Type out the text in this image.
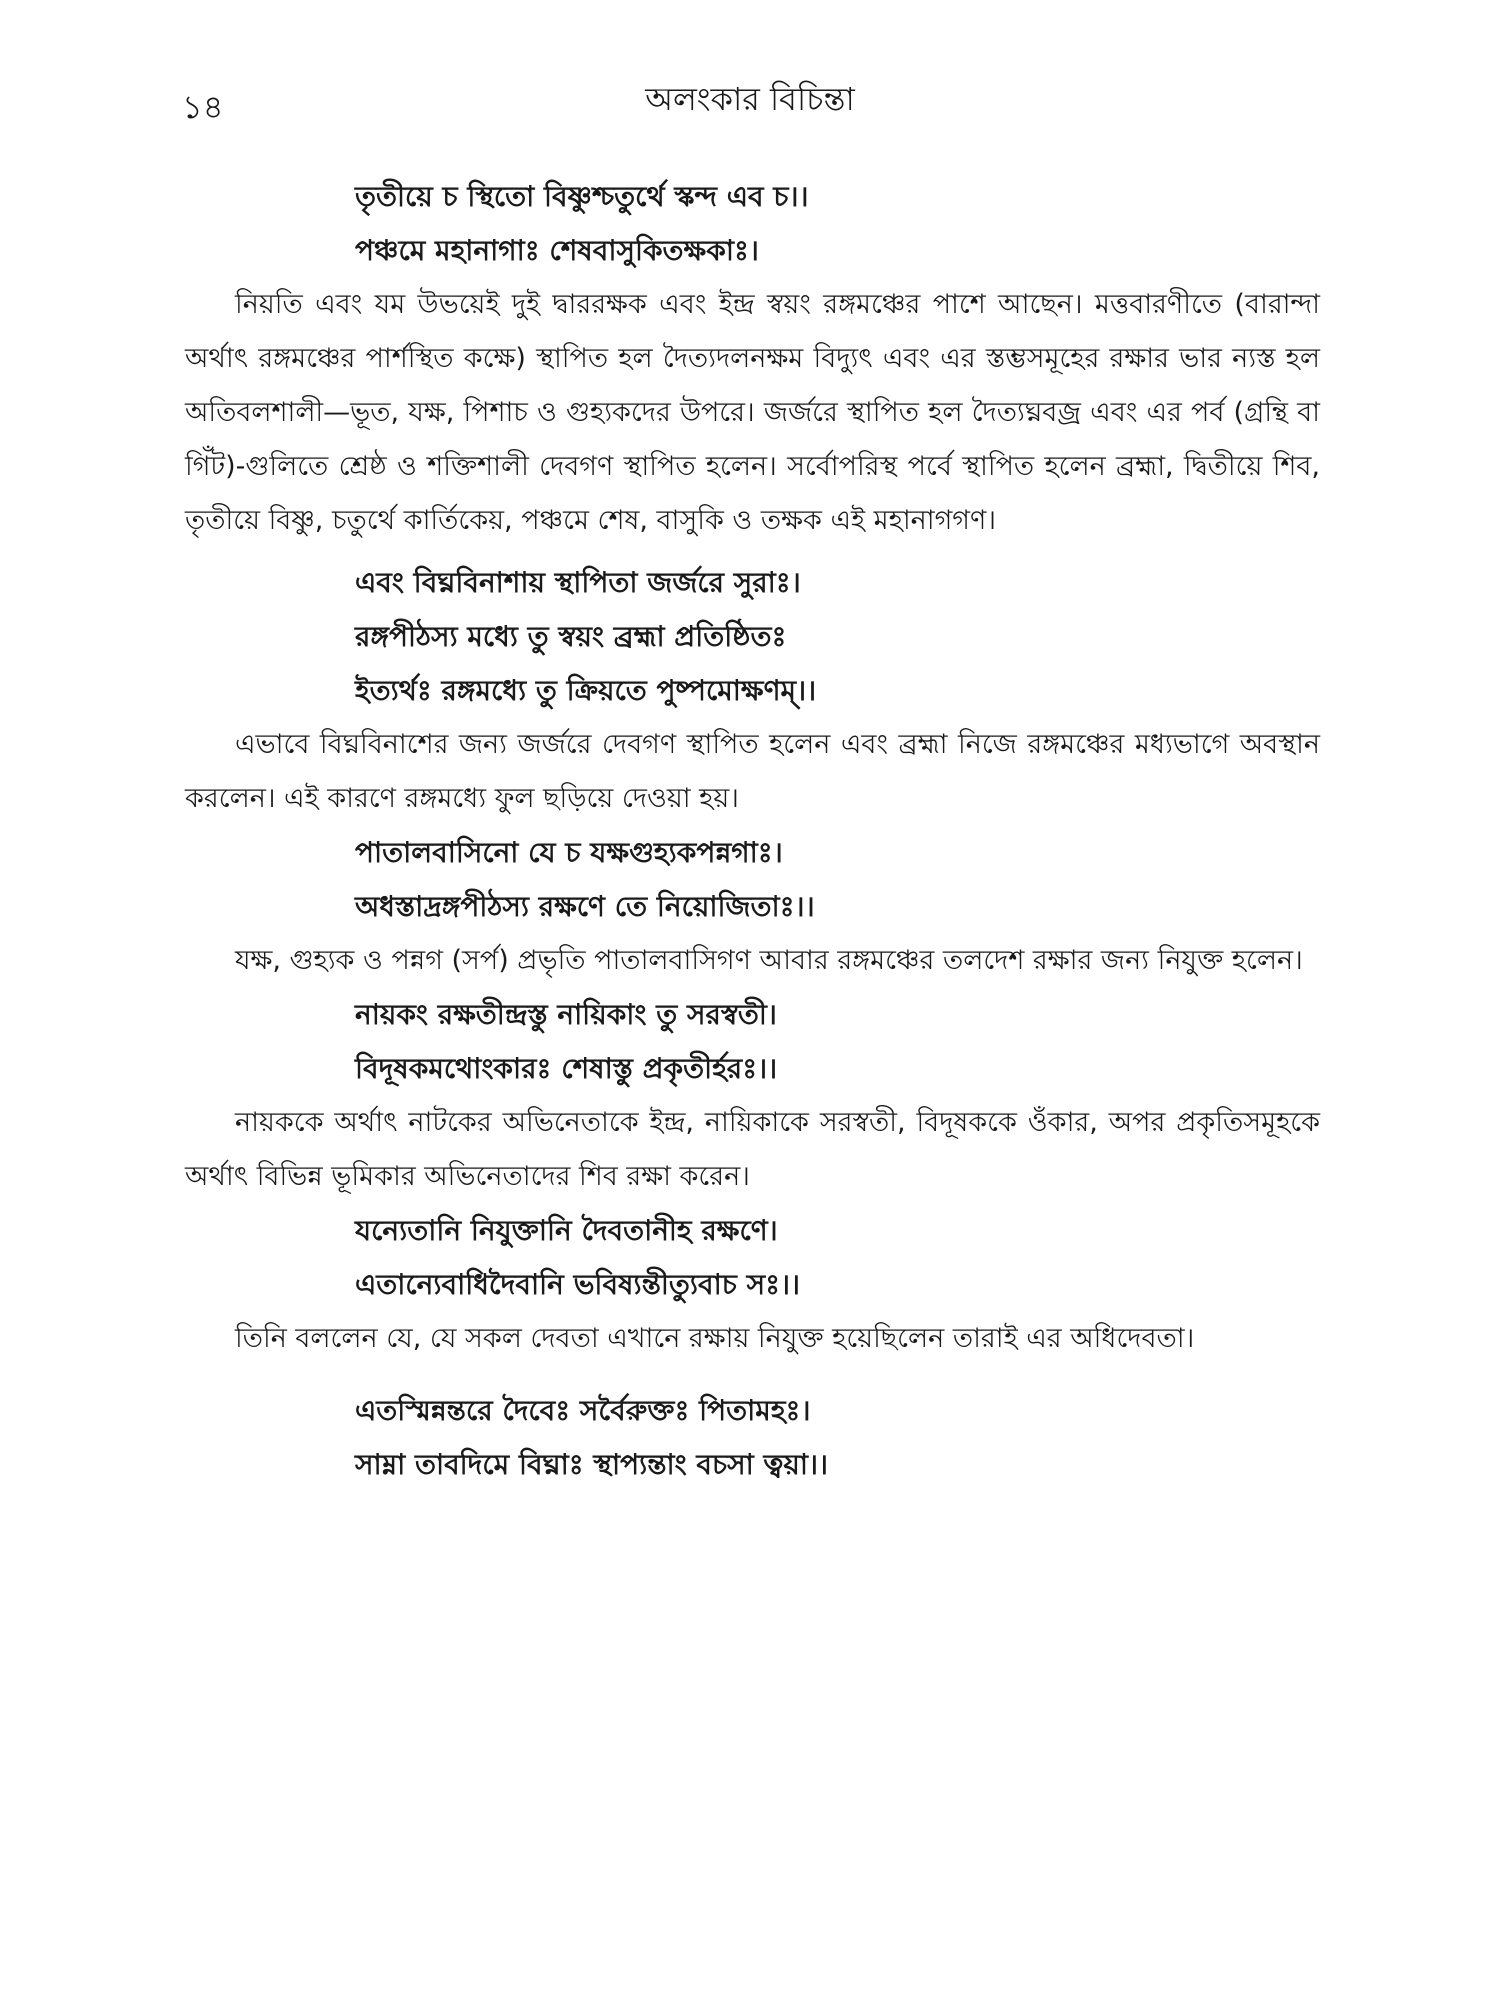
১৪	অলংকার বিচিন্তা
তৃতীয়ে চ স্থিতো বিষ্ণুশ্চতুর্থে স্কন্দ এব চ।।
পঞ্চমে মহানাগাঃ শেষবাসুকিতক্ষকাঃ।

নিয়তি এবং যম উভয়েই দুই দ্বাররক্ষক এবং ইন্দ্র স্বয়ং রঙ্গমঞ্চের পাশে আছেন। মত্তবারণীতে (বারান্দা অর্থাৎ রঙ্গমঞ্চের পার্শস্থিত কক্ষে) স্থাপিত হল দৈত্যদলনক্ষম বিদ্যুৎ এবং এর স্তম্ভসমূহের রক্ষার ভার ন্যস্ত হল অতিবলশালী—ভূত, যক্ষ, পিশাচ ও গুহ্যকদের উপরে। জর্জরে স্থাপিত হল দৈত্যঘ্নবজ্র এবং এর পর্ব (গ্রন্থি বা গিঁট)-গুলিতে শ্রেষ্ঠ ও শক্তিশালী দেবগণ স্থাপিত হলেন। সর্বোপরিস্থ পর্বে স্থাপিত হলেন ব্রহ্মা, দ্বিতীয়ে শিব, তৃতীয়ে বিষ্ণু, চতুর্থে কার্তিকেয়, পঞ্চমে শেষ, বাসুকি ও তক্ষক এই মহানাগগণ।

এবং বিঘ্নবিনাশায় স্থাপিতা জর্জরে সুরাঃ।
রঙ্গপীঠস্য মধ্যে তু স্বয়ং ব্রহ্মা প্রতিষ্ঠিতঃ
ইত্যর্থঃ রঙ্গমধ্যে তু ক্রিয়তে পুষ্পমোক্ষণম্।।

এভাবে বিঘ্নবিনাশের জন্য জর্জরে দেবগণ স্থাপিত হলেন এবং ব্রহ্মা নিজে রঙ্গমঞ্চের মধ্যভাগে অবস্থান করলেন। এই কারণে রঙ্গমধ্যে ফুল ছড়িয়ে দেওয়া হয়।

পাতালবাসিনো যে চ যক্ষগুহ্যকপন্নগাঃ।
অধস্তাদ্রঙ্গপীঠস্য রক্ষণে তে নিয়োজিতাঃ।।

যক্ষ, গুহ্যক ও পন্নগ (সর্প) প্রভৃতি পাতালবাসিগণ আবার রঙ্গমঞ্চের তলদেশ রক্ষার জন্য নিযুক্ত হলেন।

নায়কং রক্ষতীন্দ্রস্তু নায়িকাং তু সরস্বতী।
বিদূষকমথোংকারঃ শেষাস্তু প্রকৃতীর্হরঃ।।

নায়ককে অর্থাৎ নাটকের অভিনেতাকে ইন্দ্র, নায়িকাকে সরস্বতী, বিদূষককে ওঁকার, অপর প্রকৃতিসমূহকে অর্থাৎ বিভিন্ন ভূমিকার অভিনেতাদের শিব রক্ষা করেন।

যন্যেতানি নিযুক্তানি দৈবতানীহ রক্ষণে।
এতান্যেবাধিদৈবানি ভবিষ্যন্তীত্যুবাচ সঃ।।

তিনি বললেন যে, যে সকল দেবতা এখানে রক্ষায় নিযুক্ত হয়েছিলেন তারাই এর অধিদেবতা।

এতস্মিন্নন্তরে দৈবেঃ সর্বৈরুক্তঃ পিতামহঃ।
সাম্না তাবদিমে বিঘ্নাঃ স্থাপ্যন্তাং বচসা ত্বয়া।।
